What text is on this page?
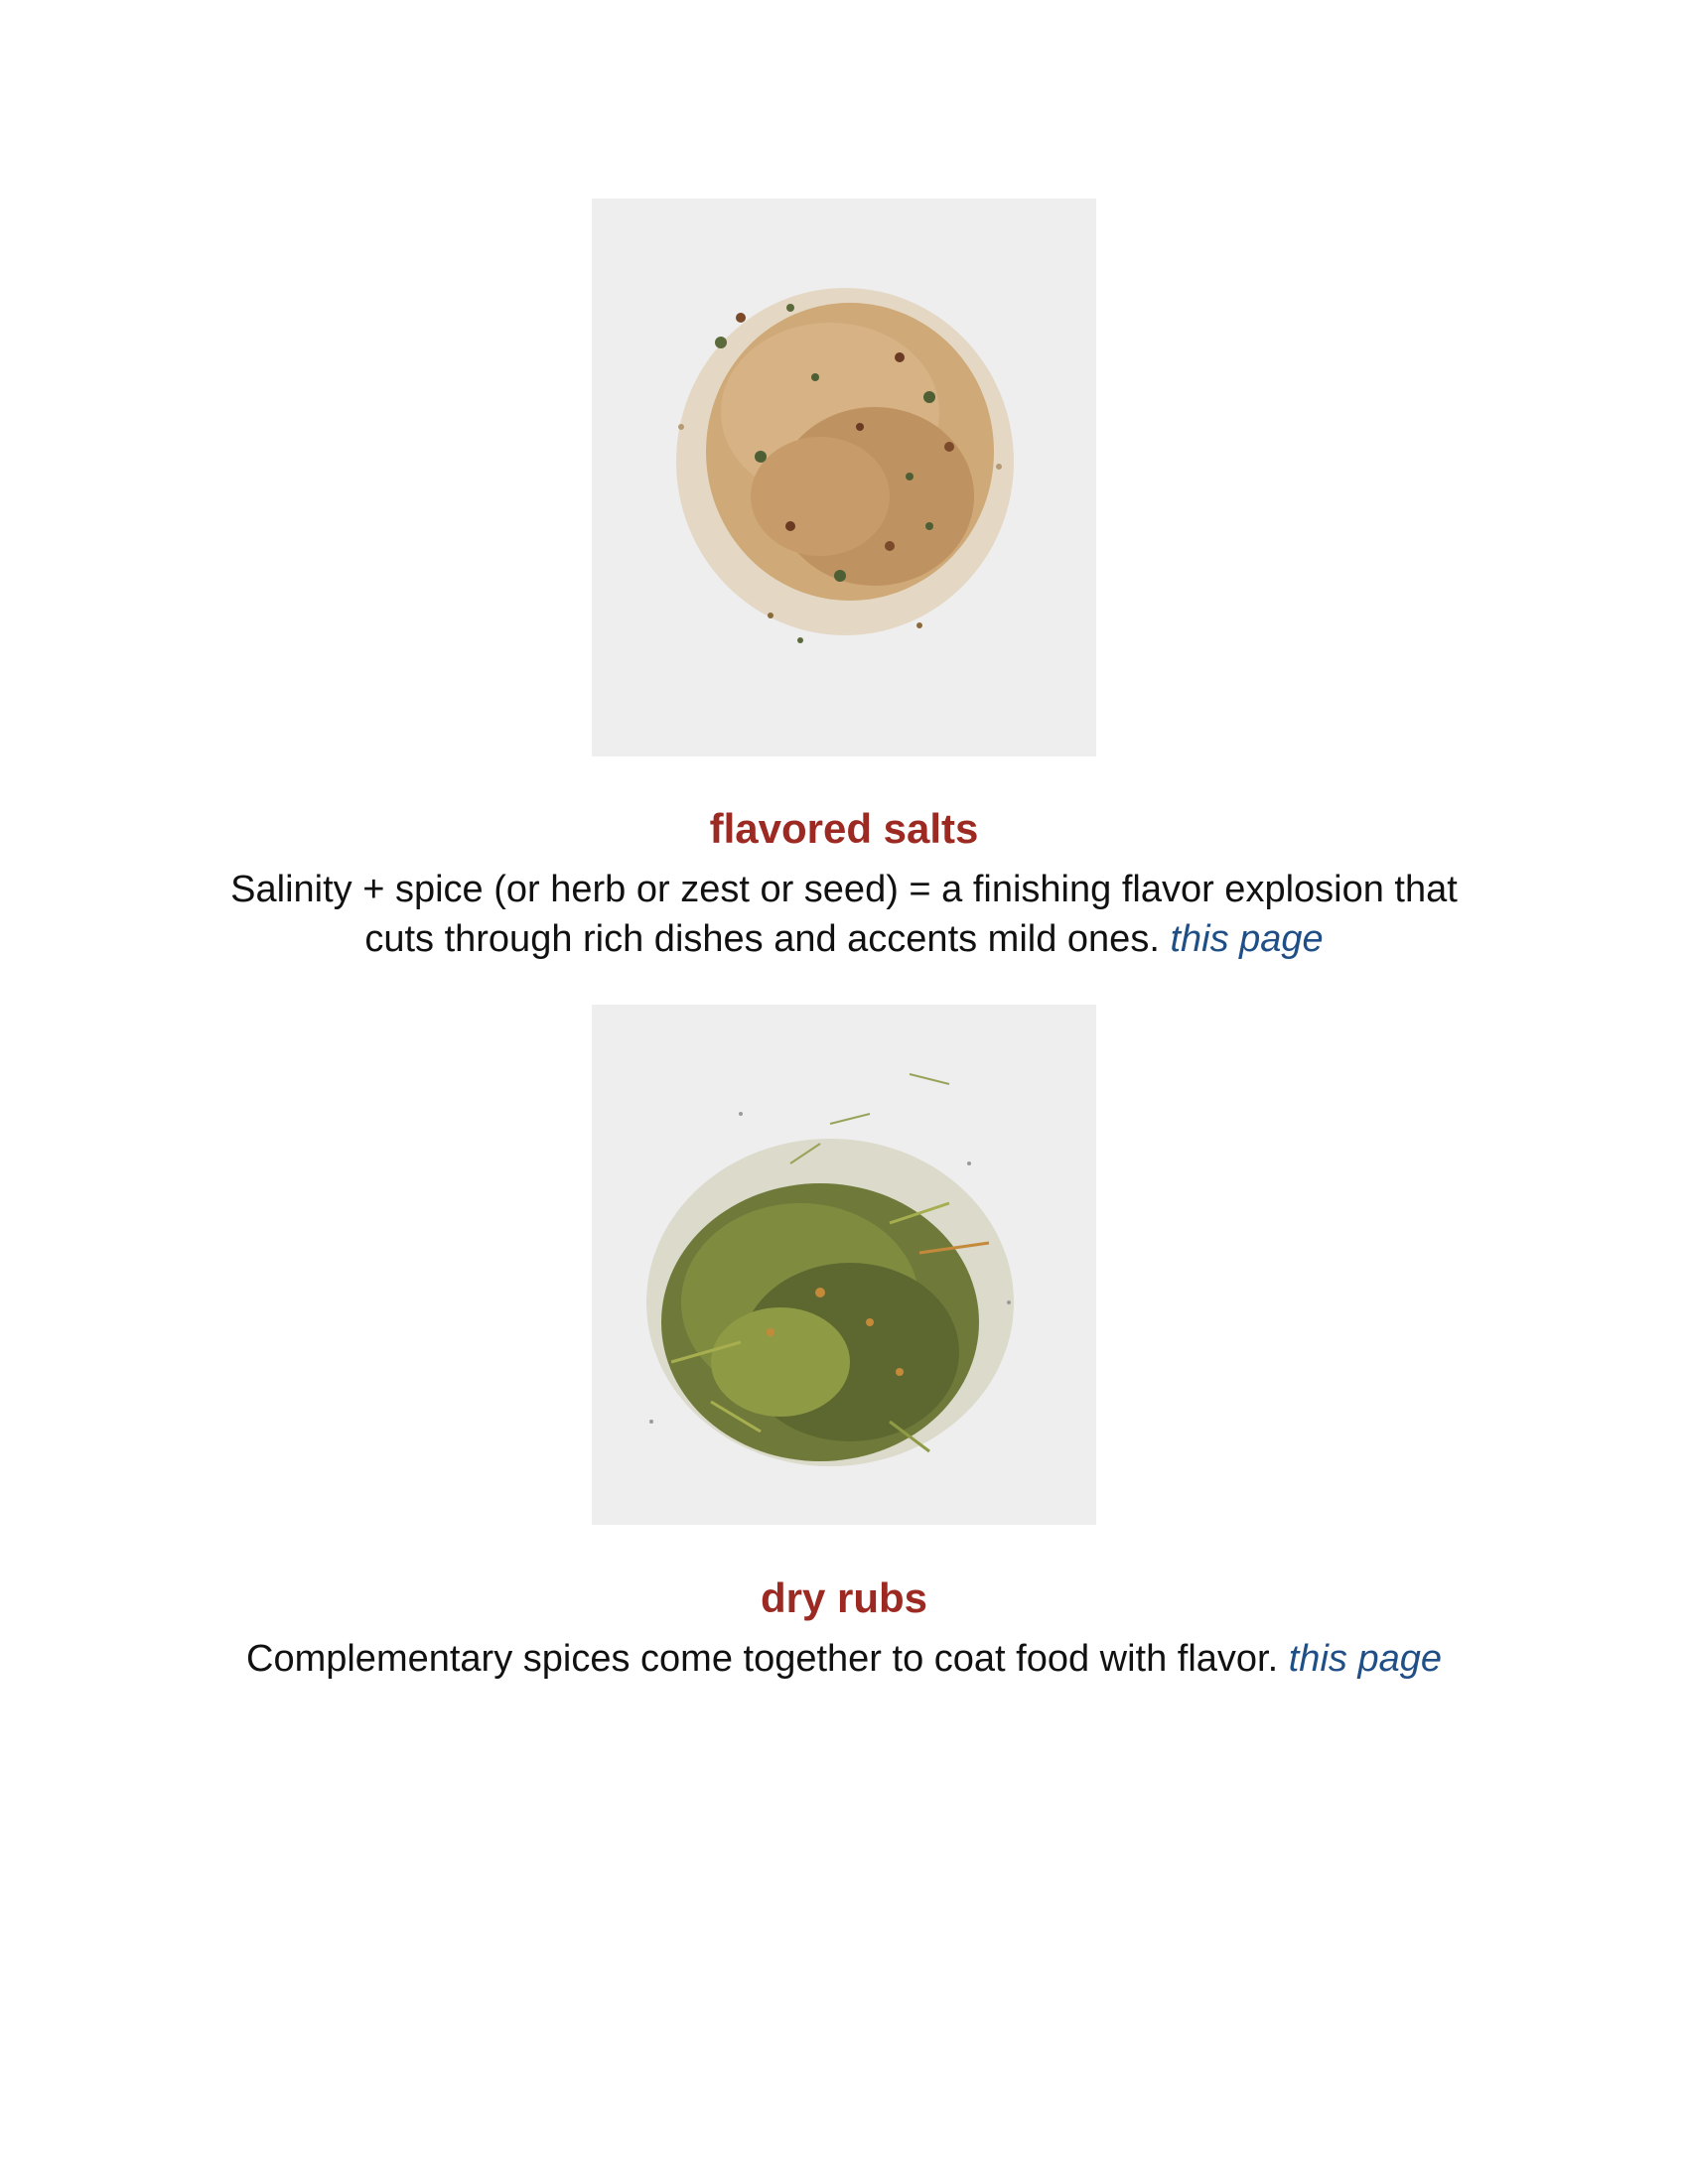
flavored salts
Salinity + spice (or herb or zest or seed) = a finishing flavor explosion that cuts through rich dishes and accents mild ones. this page
dry rubs
Complementary spices come together to coat food with flavor. this page
